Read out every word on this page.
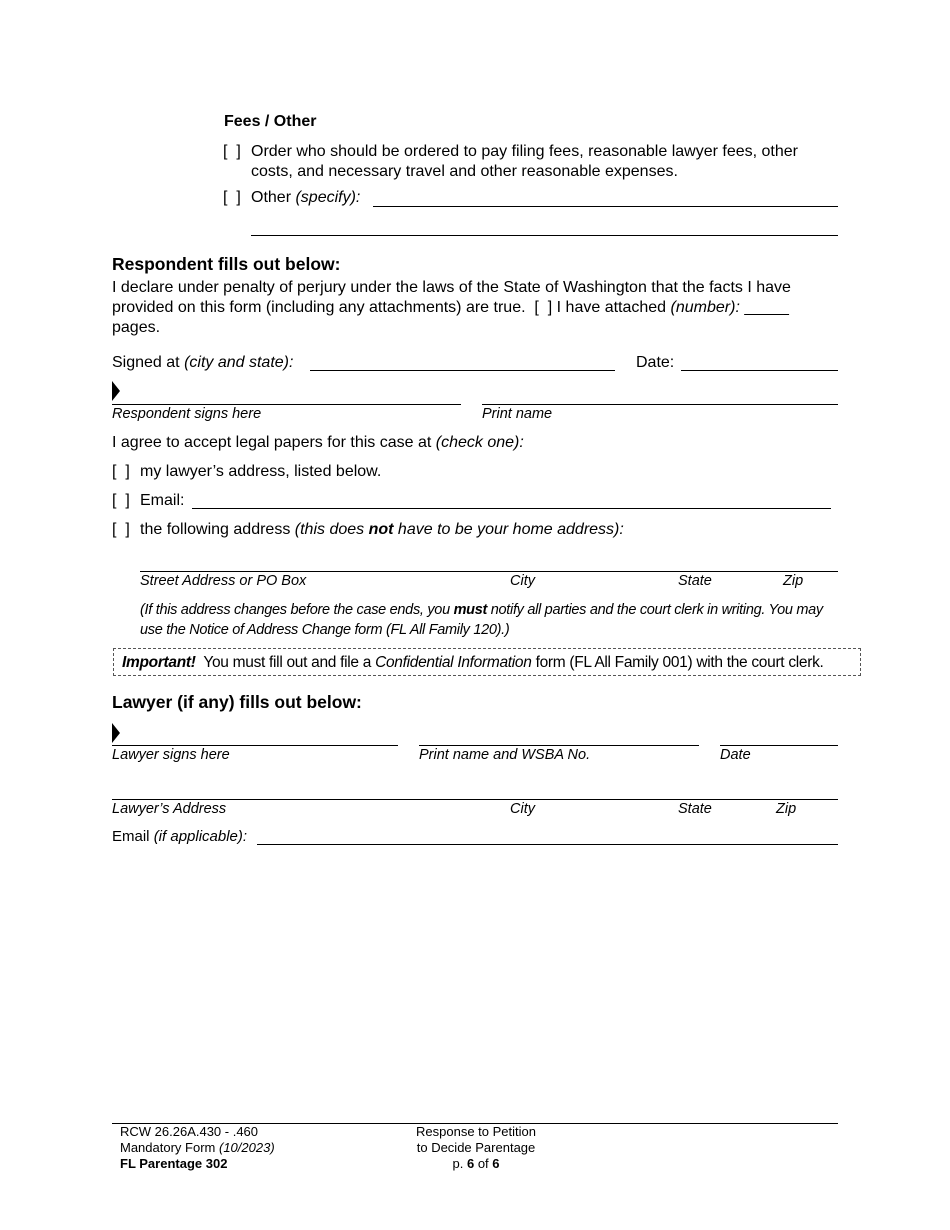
Fees / Other
[  ] Order who should be ordered to pay filing fees, reasonable lawyer fees, other
costs, and necessary travel and other reasonable expenses.
[  ] Other (specify):
Respondent fills out below:
I declare under penalty of perjury under the laws of the State of Washington that the facts I have
provided on this form (including any attachments) are true.  [  ] I have attached (number): _____
pages.
Signed at (city and state):	Date:
Respondent signs here	Print name
I agree to accept legal papers for this case at (check one):
[  ] my lawyer’s address, listed below.
[  ] Email:
[  ] the following address (this does not have to be your home address):
Street Address or PO Box	City	State	Zip
(If this address changes before the case ends, you must notify all parties and the court clerk in writing. You may
use the Notice of Address Change form (FL All Family 120).)
Important! You must fill out and file a Confidential Information form (FL All Family 001) with the court clerk.
Lawyer (if any) fills out below:
Lawyer signs here	Print name and WSBA No.	Date
Lawyer’s Address	City	State	Zip
Email (if applicable):
RCW 26.26A.430 - .460
Mandatory Form (10/2023)
FL Parentage 302
Response to Petition
to Decide Parentage
p. 6 of 6
